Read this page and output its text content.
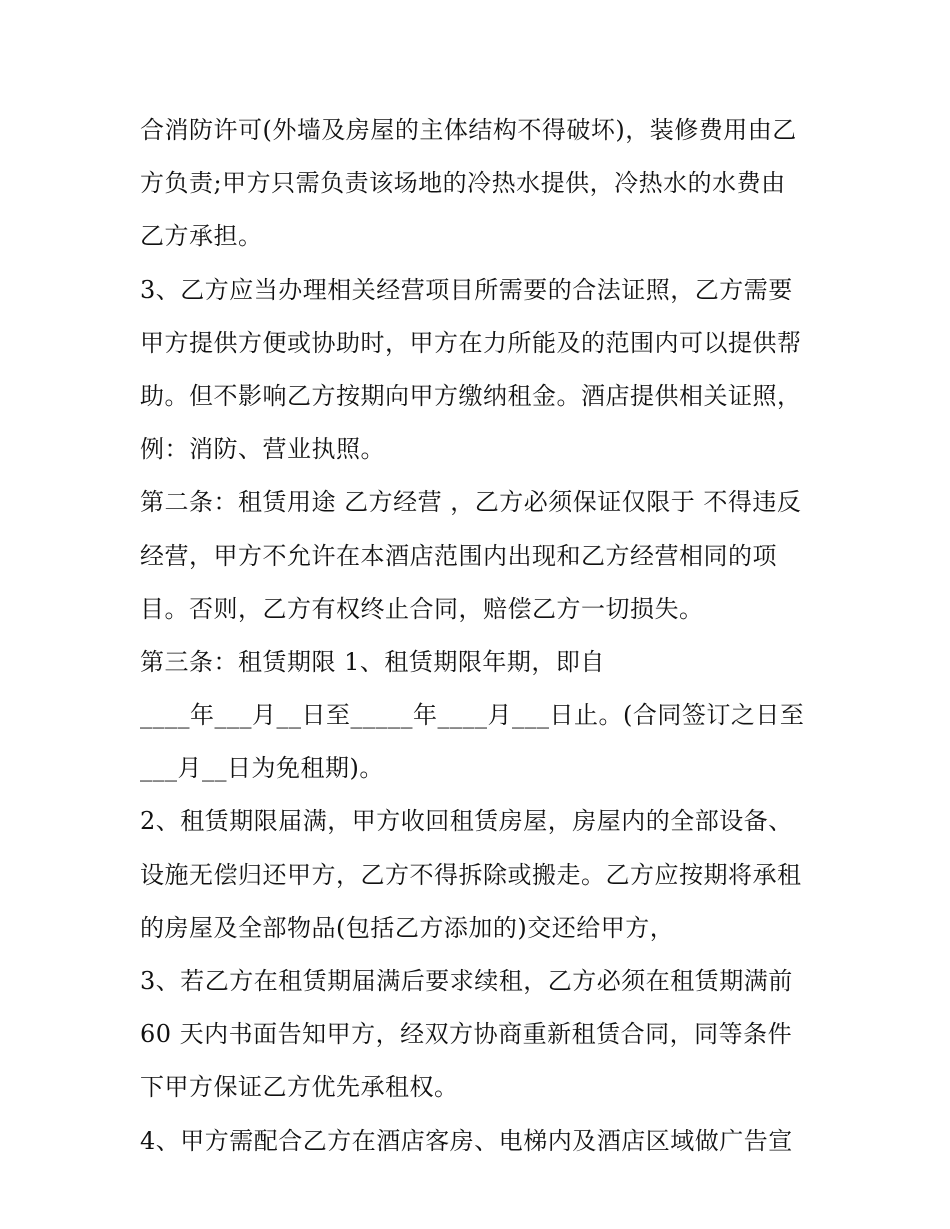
合消防许可(外墙及房屋的主体结构不得破坏)，装修费用由乙
方负责;甲方只需负责该场地的冷热水提供，冷热水的水费由
乙方承担。
3、乙方应当办理相关经营项目所需要的合法证照，乙方需要
甲方提供方便或协助时，甲方在力所能及的范围内可以提供帮
助。但不影响乙方按期向甲方缴纳租金。酒店提供相关证照，
例：消防、营业执照。
第二条：租赁用途 乙方经营 ，乙方必须保证仅限于 不得违反
经营，甲方不允许在本酒店范围内出现和乙方经营相同的项
目。否则，乙方有权终止合同，赔偿乙方一切损失。
第三条：租赁期限 1、租赁期限年期，即自
____年___月__日至_____年____月___日止。(合同签订之日至
___月__日为免租期)。
2、租赁期限届满，甲方收回租赁房屋，房屋内的全部设备、
设施无偿归还甲方，乙方不得拆除或搬走。乙方应按期将承租
的房屋及全部物品(包括乙方添加的)交还给甲方，
3、若乙方在租赁期届满后要求续租，乙方必须在租赁期满前
60 天内书面告知甲方，经双方协商重新租赁合同，同等条件
下甲方保证乙方优先承租权。
4、甲方需配合乙方在酒店客房、电梯内及酒店区域做广告宣
